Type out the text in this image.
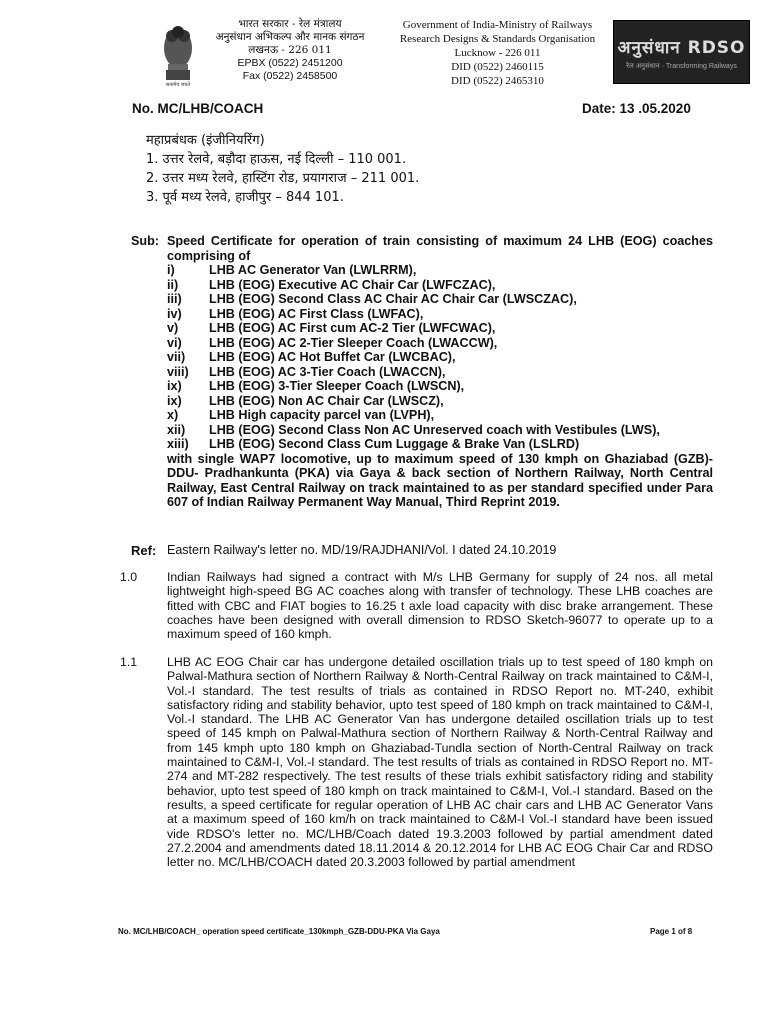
सत्यमेव जयते
भारत सरकार - रेल मंत्रालय
अनुसंधान अभिकल्प और मानक संगठन
लखनऊ - 226 011
EPBX (0522) 2451200
Fax (0522) 2458500
Government of India-Ministry of Railways
Research Designs & Standards Organisation
Lucknow - 226 011
DID (0522) 2460115
DID (0522) 2465310
अनुसंधान RDSO
रेल अनुसंधान · Transforming Railways
No. MC/LHB/COACH	Date: 13 .05.2020
महाप्रबंधक (इंजीनियरिंग)
1. उत्तर रेलवे, बड़ौदा हाऊस, नई दिल्ली – 110 001.
2. उत्तर मध्य रेलवे, हास्टिंग रोड, प्रयागराज – 211 001.
3. पूर्व मध्य रेलवे, हाजीपुर – 844 101.
Sub: Speed Certificate for operation of train consisting of maximum 24 LHB (EOG) coaches comprising of
i)	LHB AC Generator Van (LWLRRM),
ii)	LHB (EOG) Executive AC Chair Car (LWFCZAC),
iii)	LHB (EOG) Second Class AC Chair AC Chair Car (LWSCZAC),
iv)	LHB (EOG) AC First Class (LWFAC),
v)	LHB (EOG) AC First cum AC-2 Tier (LWFCWAC),
vi)	LHB (EOG) AC 2-Tier Sleeper Coach (LWACCW),
vii)	LHB (EOG) AC Hot Buffet Car (LWCBAC),
viii)	LHB (EOG) AC 3-Tier Coach (LWACCN),
ix)	LHB (EOG) 3-Tier Sleeper Coach (LWSCN),
ix)	LHB (EOG) Non AC Chair Car (LWSCZ),
x)	LHB High capacity parcel van (LVPH),
xii)	LHB (EOG) Second Class Non AC Unreserved coach with Vestibules (LWS),
xiii)	LHB (EOG) Second Class Cum Luggage & Brake Van (LSLRD)
with single WAP7 locomotive, up to maximum speed of 130 kmph on Ghaziabad (GZB)- DDU- Pradhankunta (PKA) via Gaya & back section of Northern Railway, North Central Railway, East Central Railway on track maintained to as per standard specified under Para 607 of Indian Railway Permanent Way Manual, Third Reprint 2019.
Ref: Eastern Railway's letter no. MD/19/RAJDHANI/Vol. I dated 24.10.2019
1.0 Indian Railways had signed a contract with M/s LHB Germany for supply of 24 nos. all metal lightweight high-speed BG AC coaches along with transfer of technology. These LHB coaches are fitted with CBC and FIAT bogies to 16.25 t axle load capacity with disc brake arrangement. These coaches have been designed with overall dimension to RDSO Sketch-96077 to operate up to a maximum speed of 160 kmph.
1.1 LHB AC EOG Chair car has undergone detailed oscillation trials up to test speed of 180 kmph on Palwal-Mathura section of Northern Railway & North-Central Railway on track maintained to C&M-I, Vol.-I standard. The test results of trials as contained in RDSO Report no. MT-240, exhibit satisfactory riding and stability behavior, upto test speed of 180 kmph on track maintained to C&M-I, Vol.-I standard. The LHB AC Generator Van has undergone detailed oscillation trials up to test speed of 145 kmph on Palwal-Mathura section of Northern Railway & North-Central Railway and from 145 kmph upto 180 kmph on Ghaziabad-Tundla section of North-Central Railway on track maintained to C&M-I, Vol.-I standard. The test results of trials as contained in RDSO Report no. MT-274 and MT-282 respectively. The test results of these trials exhibit satisfactory riding and stability behavior, upto test speed of 180 kmph on track maintained to C&M-I, Vol.-I standard. Based on the results, a speed certificate for regular operation of LHB AC chair cars and LHB AC Generator Vans at a maximum speed of 160 km/h on track maintained to C&M-I Vol.-I standard have been issued vide RDSO's letter no. MC/LHB/Coach dated 19.3.2003 followed by partial amendment dated 27.2.2004 and amendments dated 18.11.2014 & 20.12.2014 for LHB AC EOG Chair Car and RDSO letter no. MC/LHB/COACH dated 20.3.2003 followed by partial amendment
No. MC/LHB/COACH_ operation speed certificate_130kmph_GZB-DDU-PKA Via Gaya	Page 1 of 8
